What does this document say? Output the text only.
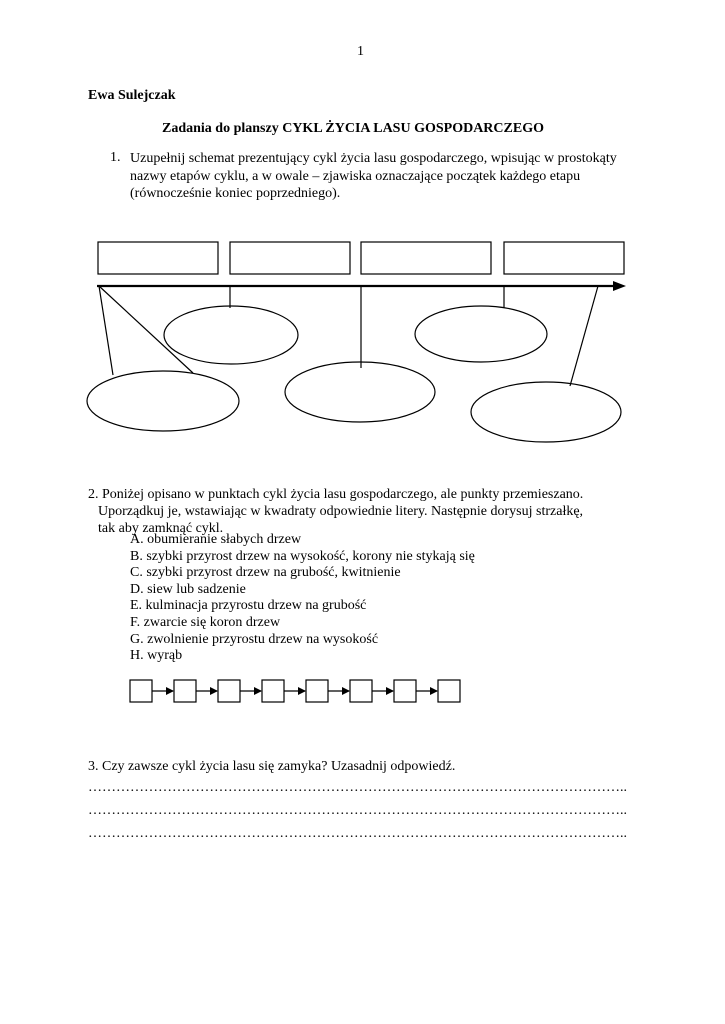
1
Ewa Sulejczak
Zadania do planszy CYKL ŻYCIA LASU GOSPODARCZEGO
1. Uzupełnij schemat prezentujący cykl życia lasu gospodarczego, wpisując w prostokąty
nazwy etapów cyklu, a w owale – zjawiska oznaczające początek każdego etapu
(równocześnie koniec poprzedniego).
2. Poniżej opisano w punktach cykl życia lasu gospodarczego, ale punkty przemieszano.
Uporządkuj je, wstawiając w kwadraty odpowiednie litery. Następnie dorysuj strzałkę,
tak aby zamknąć cykl.
A. obumieranie słabych drzew
B. szybki przyrost drzew na wysokość, korony nie stykają się
C. szybki przyrost drzew na grubość, kwitnienie
D. siew lub sadzenie
E. kulminacja przyrostu drzew na grubość
F. zwarcie się koron drzew
G. zwolnienie przyrostu drzew na wysokość
H. wyrąb
3. Czy zawsze cykl życia lasu się zamyka? Uzasadnij odpowiedź.
……………………………………………………………………………………………………..
……………………………………………………………………………………………………..
……………………………………………………………………………………………………..
